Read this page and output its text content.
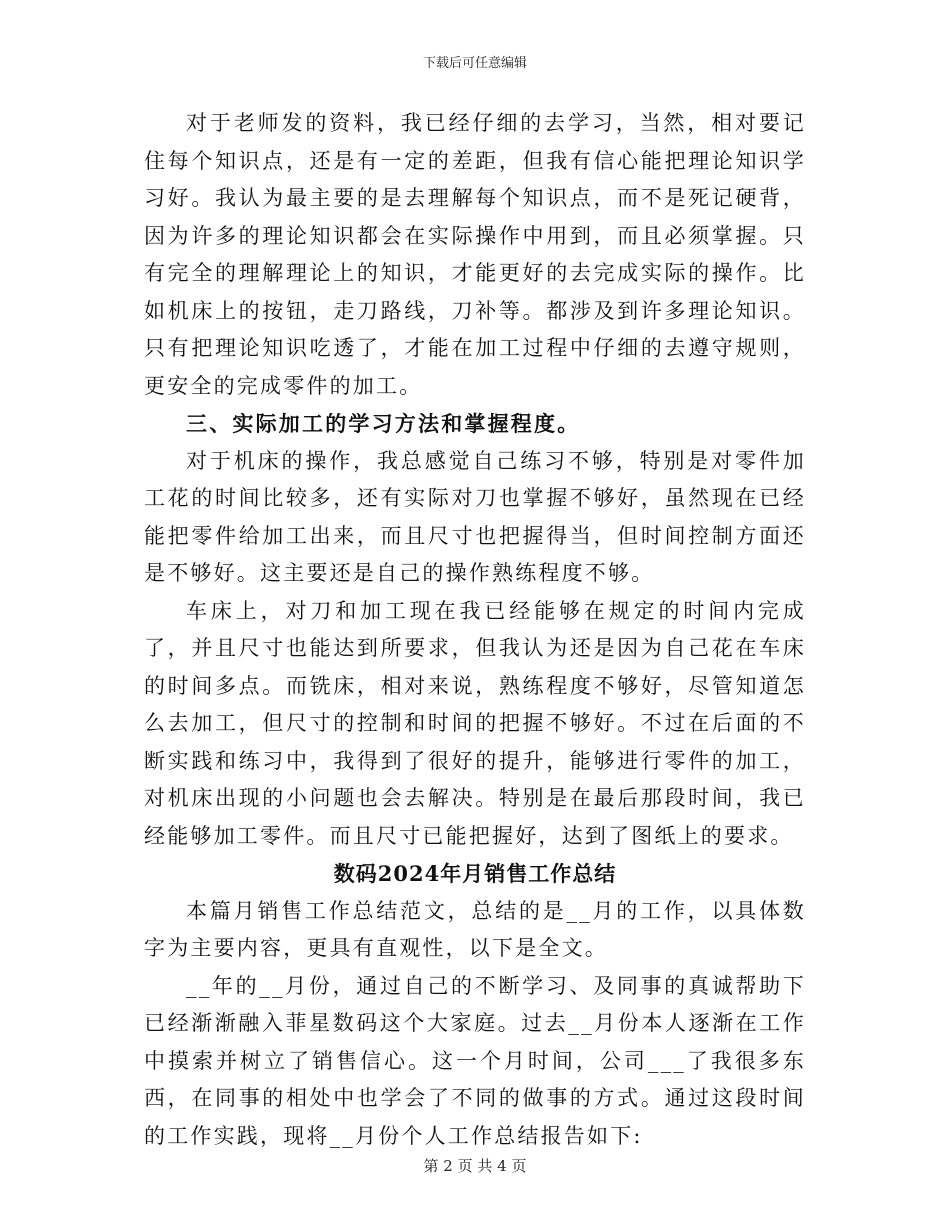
下载后可任意编辑

对于老师发的资料，我已经仔细的去学习，当然，相对要记住每个知识点，还是有一定的差距，但我有信心能把理论知识学习好。我认为最主要的是去理解每个知识点，而不是死记硬背，因为许多的理论知识都会在实际操作中用到，而且必须掌握。只有完全的理解理论上的知识，才能更好的去完成实际的操作。比如机床上的按钮，走刀路线，刀补等。都涉及到许多理论知识。只有把理论知识吃透了，才能在加工过程中仔细的去遵守规则，更安全的完成零件的加工。

三、实际加工的学习方法和掌握程度。

对于机床的操作，我总感觉自己练习不够，特别是对零件加工花的时间比较多，还有实际对刀也掌握不够好，虽然现在已经能把零件给加工出来，而且尺寸也把握得当，但时间控制方面还是不够好。这主要还是自己的操作熟练程度不够。

车床上，对刀和加工现在我已经能够在规定的时间内完成了，并且尺寸也能达到所要求，但我认为还是因为自己花在车床的时间多点。而铣床，相对来说，熟练程度不够好，尽管知道怎么去加工，但尺寸的控制和时间的把握不够好。不过在后面的不断实践和练习中，我得到了很好的提升，能够进行零件的加工，对机床出现的小问题也会去解决。特别是在最后那段时间，我已经能够加工零件。而且尺寸已能把握好，达到了图纸上的要求。

数码2024年月销售工作总结

本篇月销售工作总结范文，总结的是__月的工作，以具体数字为主要内容，更具有直观性，以下是全文。

__年的__月份，通过自己的不断学习、及同事的真诚帮助下已经渐渐融入菲星数码这个大家庭。过去__月份本人逐渐在工作中摸索并树立了销售信心。这一个月时间，公司___了我很多东西，在同事的相处中也学会了不同的做事的方式。通过这段时间的工作实践，现将__月份个人工作总结报告如下:

第 2 页 共 4 页
